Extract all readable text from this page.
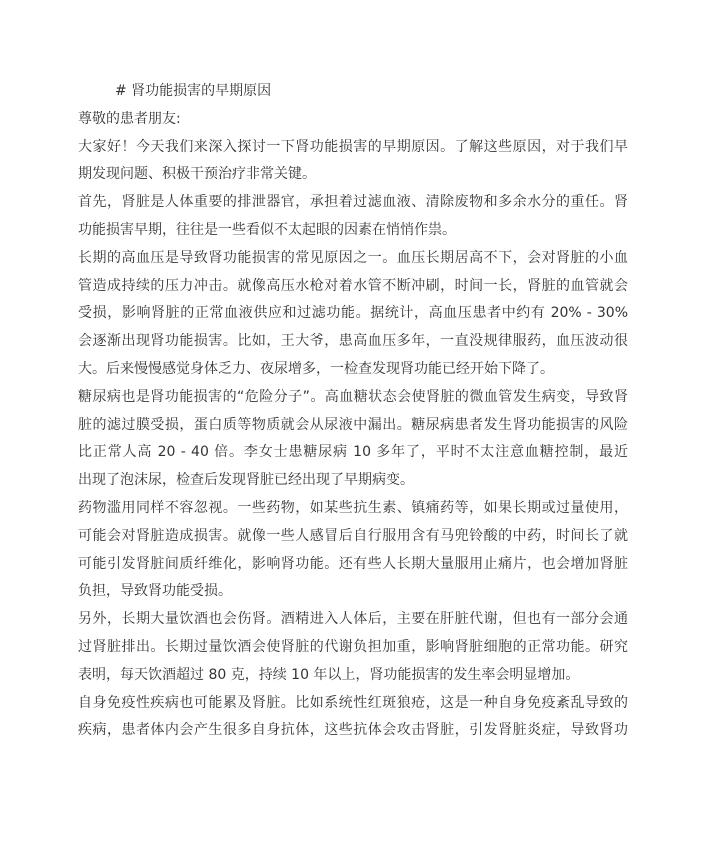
# 肾功能损害的早期原因
尊敬的患者朋友:
大家好！今天我们来深入探讨一下肾功能损害的早期原因。了解这些原因，对于我们早
期发现问题、积极干预治疗非常关键。
首先，肾脏是人体重要的排泄器官，承担着过滤血液、清除废物和多余水分的重任。肾
功能损害早期，往往是一些看似不太起眼的因素在悄悄作祟。
长期的高血压是导致肾功能损害的常见原因之一。血压长期居高不下，会对肾脏的小血
管造成持续的压力冲击。就像高压水枪对着水管不断冲刷，时间一长，肾脏的血管就会
受损，影响肾脏的正常血液供应和过滤功能。据统计，高血压患者中约有 20% - 30%
会逐渐出现肾功能损害。比如，王大爷，患高血压多年，一直没规律服药，血压波动很
大。后来慢慢感觉身体乏力、夜尿增多，一检查发现肾功能已经开始下降了。
糖尿病也是肾功能损害的“危险分子”。高血糖状态会使肾脏的微血管发生病变，导致肾
脏的滤过膜受损，蛋白质等物质就会从尿液中漏出。糖尿病患者发生肾功能损害的风险
比正常人高 20 - 40 倍。李女士患糖尿病 10 多年了，平时不太注意血糖控制，最近
出现了泡沫尿，检查后发现肾脏已经出现了早期病变。
药物滥用同样不容忽视。一些药物，如某些抗生素、镇痛药等，如果长期或过量使用，
可能会对肾脏造成损害。就像一些人感冒后自行服用含有马兜铃酸的中药，时间长了就
可能引发肾脏间质纤维化，影响肾功能。还有些人长期大量服用止痛片，也会增加肾脏
负担，导致肾功能受损。
另外，长期大量饮酒也会伤肾。酒精进入人体后，主要在肝脏代谢，但也有一部分会通
过肾脏排出。长期过量饮酒会使肾脏的代谢负担加重，影响肾脏细胞的正常功能。研究
表明，每天饮酒超过 80 克，持续 10 年以上，肾功能损害的发生率会明显增加。
自身免疫性疾病也可能累及肾脏。比如系统性红斑狼疮，这是一种自身免疫紊乱导致的
疾病，患者体内会产生很多自身抗体，这些抗体会攻击肾脏，引发肾脏炎症，导致肾功
